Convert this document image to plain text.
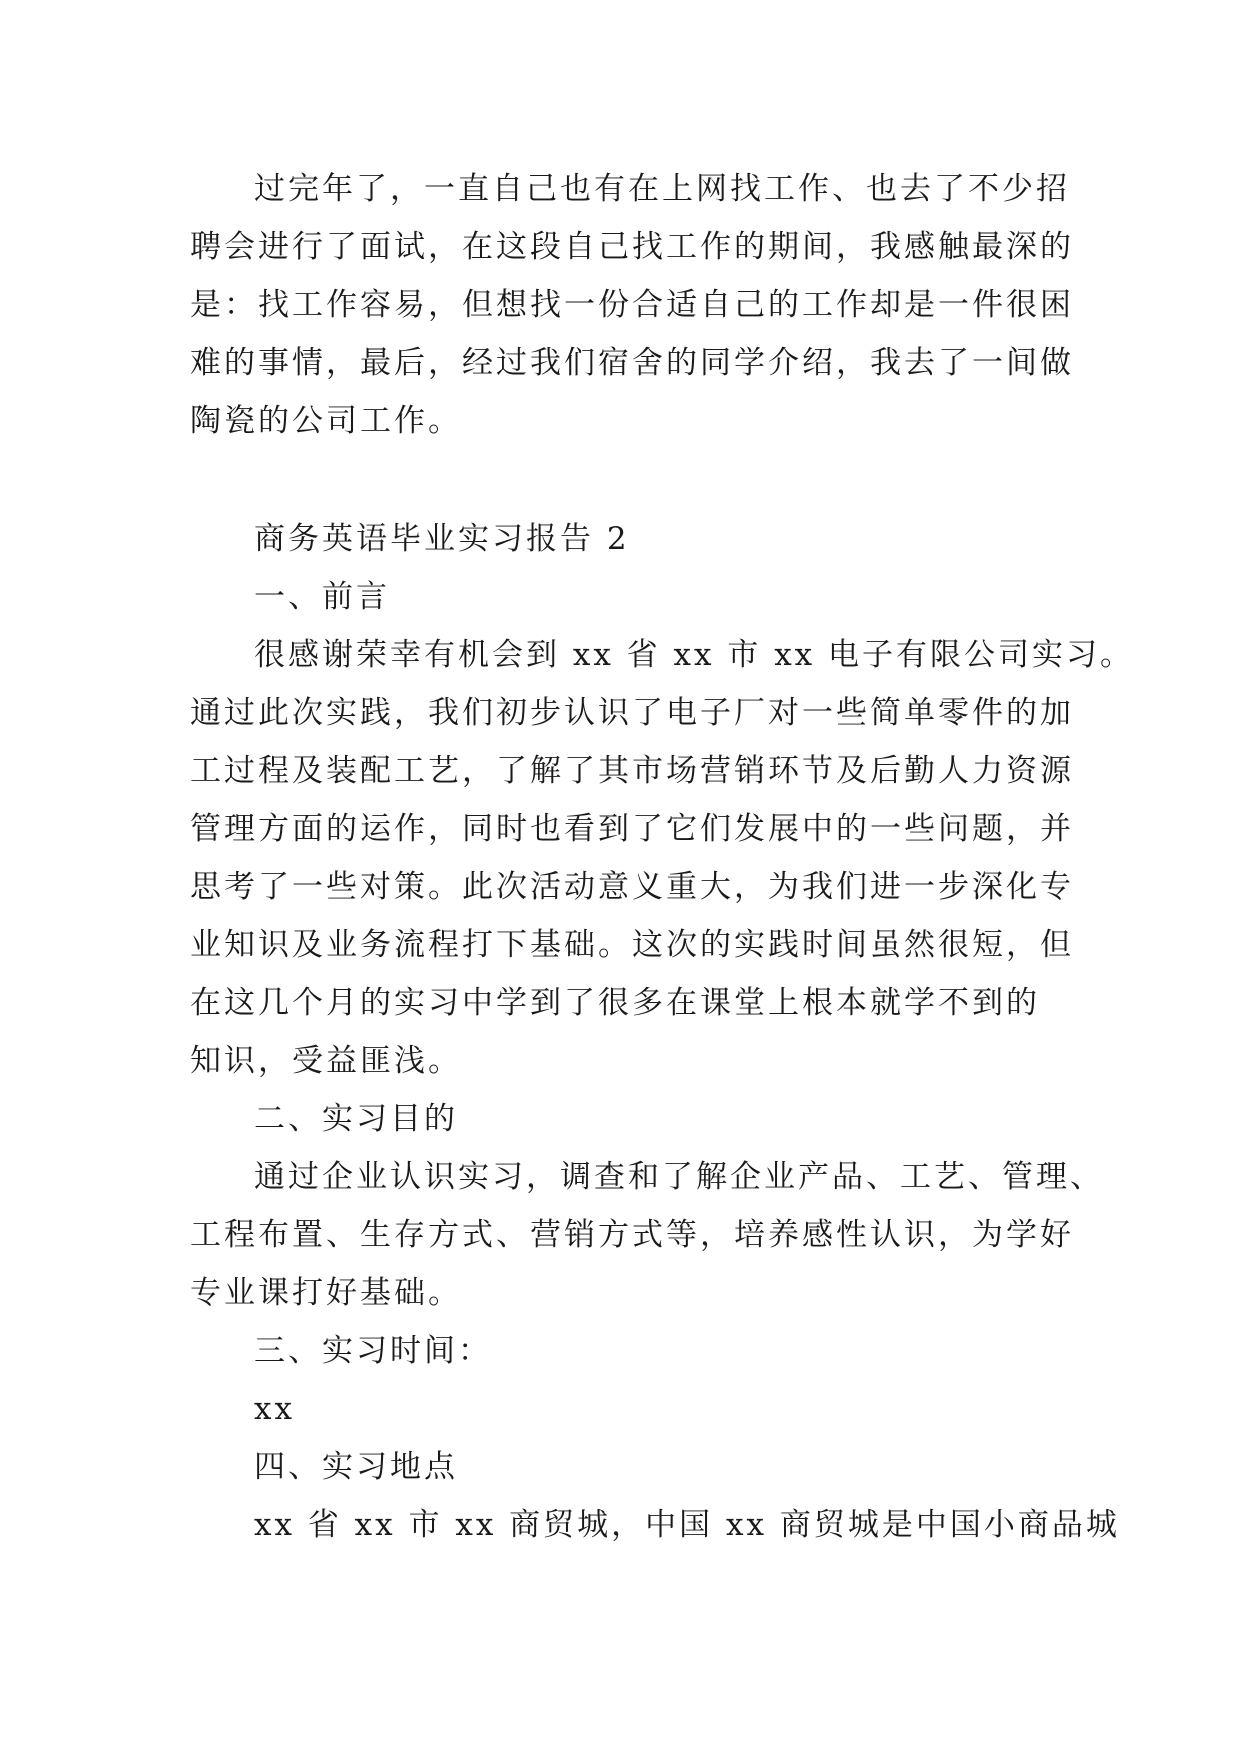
过完年了，一直自己也有在上网找工作、也去了不少招

聘会进行了面试，在这段自己找工作的期间，我感触最深的

是：找工作容易，但想找一份合适自己的工作却是一件很困

难的事情，最后，经过我们宿舍的同学介绍，我去了一间做

陶瓷的公司工作。

商务英语毕业实习报告 2

一、前言

很感谢荣幸有机会到 xx 省 xx 市 xx 电子有限公司实习。

通过此次实践，我们初步认识了电子厂对一些简单零件的加

工过程及装配工艺，了解了其市场营销环节及后勤人力资源

管理方面的运作，同时也看到了它们发展中的一些问题，并

思考了一些对策。此次活动意义重大，为我们进一步深化专

业知识及业务流程打下基础。这次的实践时间虽然很短，但

在这几个月的实习中学到了很多在课堂上根本就学不到的

知识，受益匪浅。

二、实习目的

通过企业认识实习，调查和了解企业产品、工艺、管理、

工程布置、生存方式、营销方式等，培养感性认识，为学好

专业课打好基础。

三、实习时间：

xx

四、实习地点

xx 省 xx 市 xx 商贸城，中国 xx 商贸城是中国小商品城
